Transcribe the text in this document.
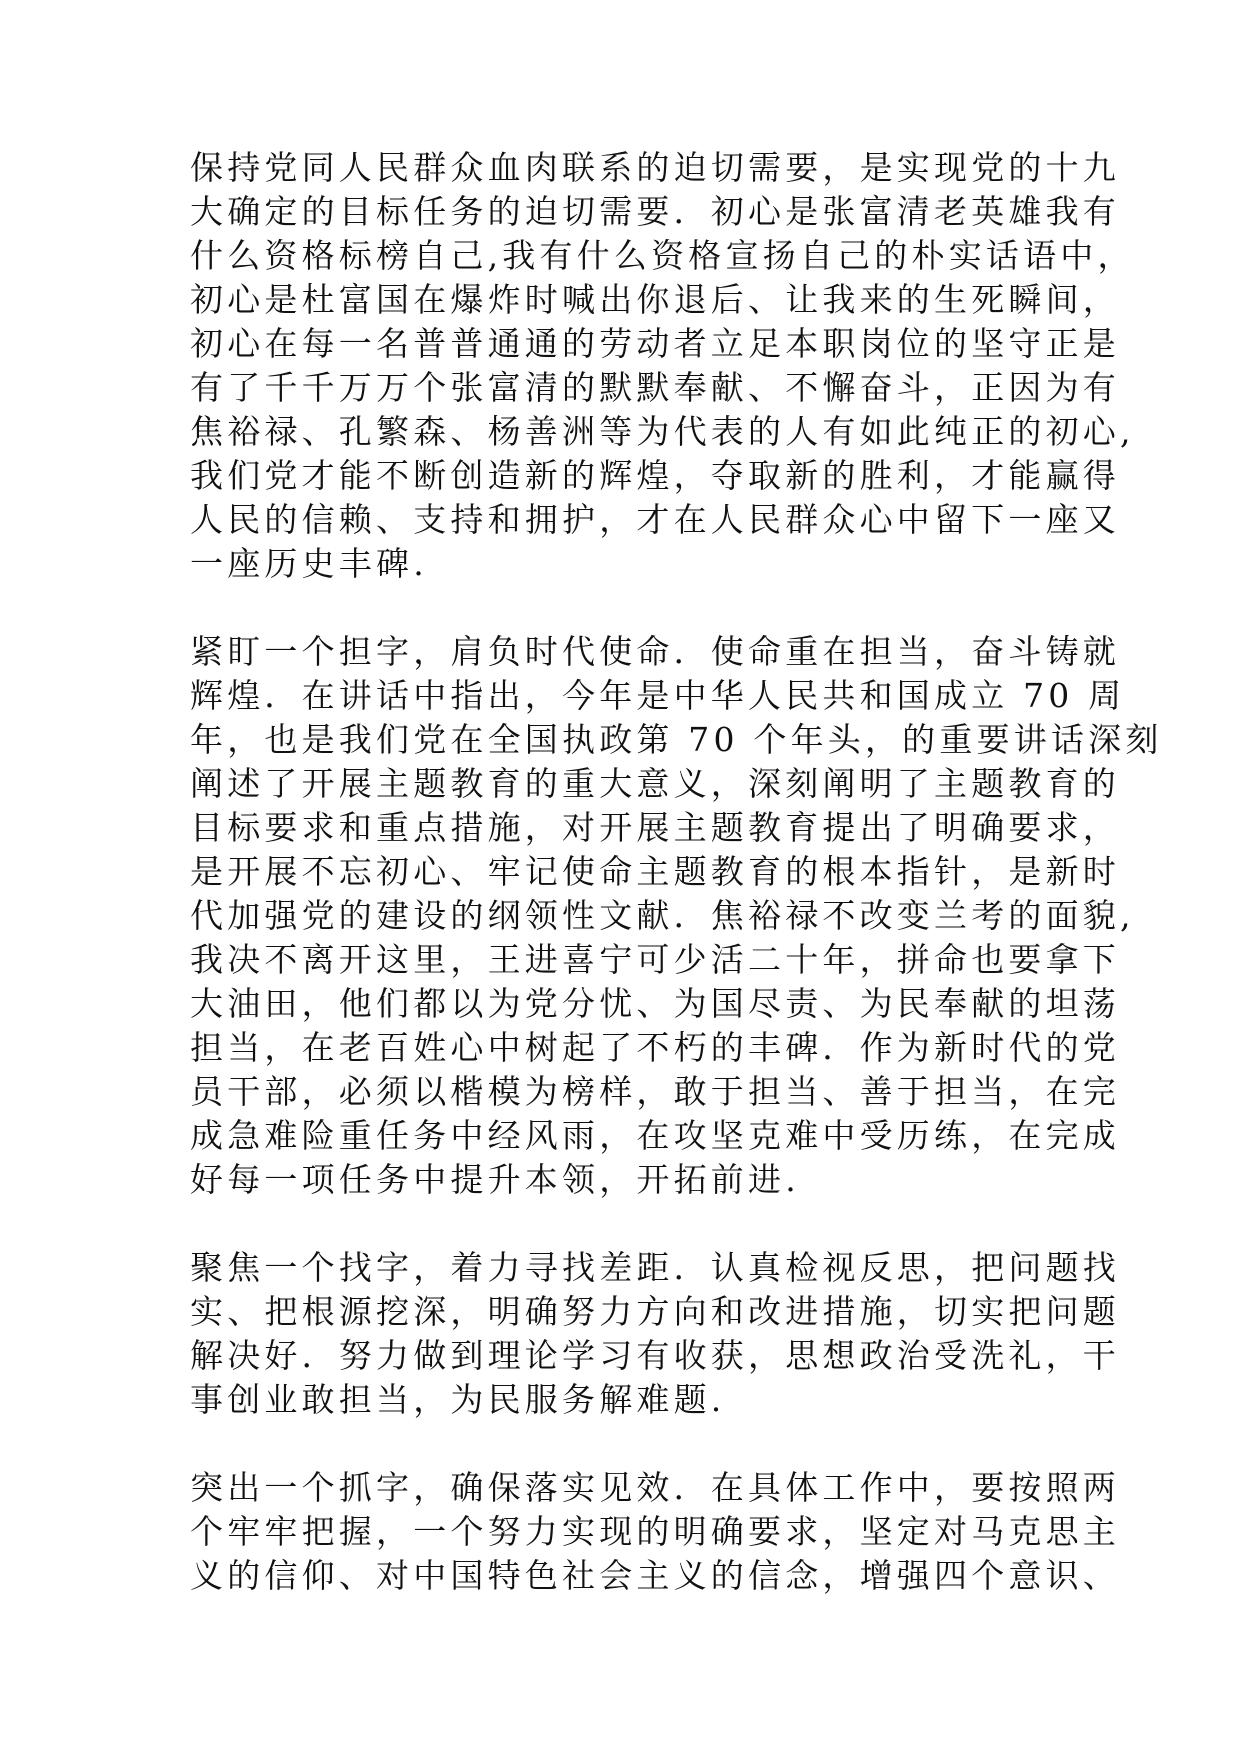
保持党同人民群众血肉联系的迫切需要，是实现党的十九
大确定的目标任务的迫切需要．初心是张富清老英雄我有
什么资格标榜自己,我有什么资格宣扬自己的朴实话语中，
初心是杜富国在爆炸时喊出你退后、让我来的生死瞬间，
初心在每一名普普通通的劳动者立足本职岗位的坚守正是
有了千千万万个张富清的默默奉献、不懈奋斗，正因为有
焦裕禄、孔繁森、杨善洲等为代表的人有如此纯正的初心,
我们党才能不断创造新的辉煌，夺取新的胜利，才能赢得
人民的信赖、支持和拥护，才在人民群众心中留下一座又
一座历史丰碑.
紧盯一个担字，肩负时代使命．使命重在担当，奋斗铸就
辉煌．在讲话中指出，今年是中华人民共和国成立 70 周
年，也是我们党在全国执政第 70 个年头，的重要讲话深刻
阐述了开展主题教育的重大意义，深刻阐明了主题教育的
目标要求和重点措施，对开展主题教育提出了明确要求，
是开展不忘初心、牢记使命主题教育的根本指针，是新时
代加强党的建设的纲领性文献．焦裕禄不改变兰考的面貌,
我决不离开这里，王进喜宁可少活二十年，拼命也要拿下
大油田，他们都以为党分忧、为国尽责、为民奉献的坦荡
担当，在老百姓心中树起了不朽的丰碑．作为新时代的党
员干部，必须以楷模为榜样，敢于担当、善于担当，在完
成急难险重任务中经风雨，在攻坚克难中受历练，在完成
好每一项任务中提升本领，开拓前进.
聚焦一个找字，着力寻找差距．认真检视反思，把问题找
实、把根源挖深，明确努力方向和改进措施，切实把问题
解决好．努力做到理论学习有收获，思想政治受洗礼，干
事创业敢担当，为民服务解难题.
突出一个抓字，确保落实见效．在具体工作中，要按照两
个牢牢把握，一个努力实现的明确要求，坚定对马克思主
义的信仰、对中国特色社会主义的信念，增强四个意识、
